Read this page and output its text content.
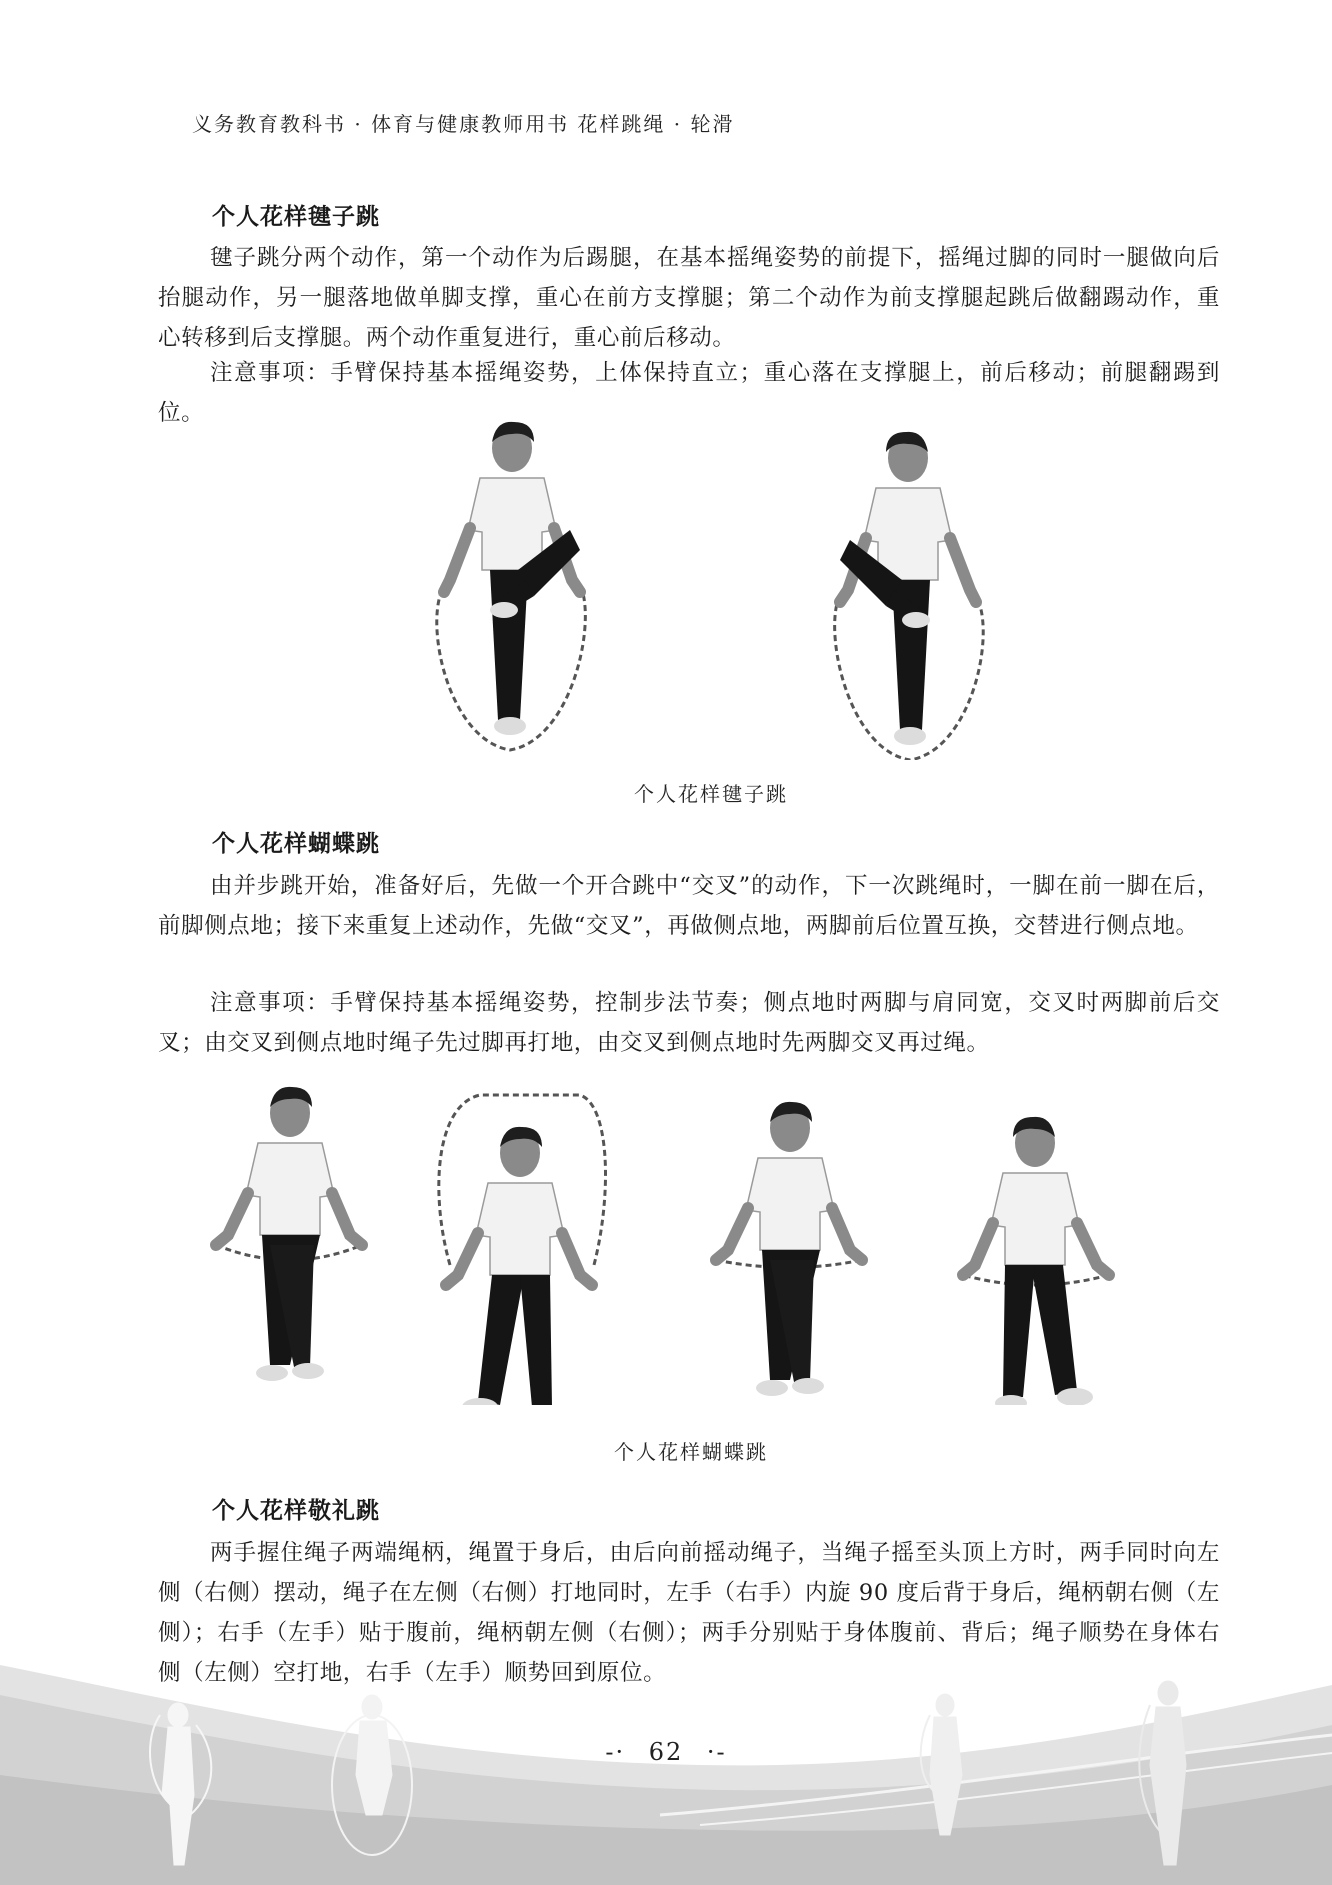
义务教育教科书 · 体育与健康教师用书 花样跳绳 · 轮滑
个人花样毽子跳

毽子跳分两个动作，第一个动作为后踢腿，在基本摇绳姿势的前提下，摇绳过脚的同时一腿做向后抬腿动作，另一腿落地做单脚支撑，重心在前方支撑腿；第二个动作为前支撑腿起跳后做翻踢动作，重心转移到后支撑腿。两个动作重复进行，重心前后移动。

注意事项：手臂保持基本摇绳姿势，上体保持直立；重心落在支撑腿上，前后移动；前腿翻踢到位。

个人花样毽子跳
个人花样蝴蝶跳

由并步跳开始，准备好后，先做一个开合跳中“交叉”的动作，下一次跳绳时，一脚在前一脚在后，前脚侧点地；接下来重复上述动作，先做“交叉”，再做侧点地，两脚前后位置互换，交替进行侧点地。

注意事项：手臂保持基本摇绳姿势，控制步法节奏；侧点地时两脚与肩同宽，交叉时两脚前后交叉；由交叉到侧点地时绳子先过脚再打地，由交叉到侧点地时先两脚交叉再过绳。

个人花样蝴蝶跳
个人花样敬礼跳

两手握住绳子两端绳柄，绳置于身后，由后向前摇动绳子，当绳子摇至头顶上方时，两手同时向左侧（右侧）摆动，绳子在左侧（右侧）打地同时，左手（右手）内旋 90 度后背于身后，绳柄朝右侧（左侧）；右手（左手）贴于腹前，绳柄朝左侧（右侧）；两手分别贴于身体腹前、背后；绳子顺势在身体右侧（左侧）空打地，右手（左手）顺势回到原位。

-· 62 ·-
